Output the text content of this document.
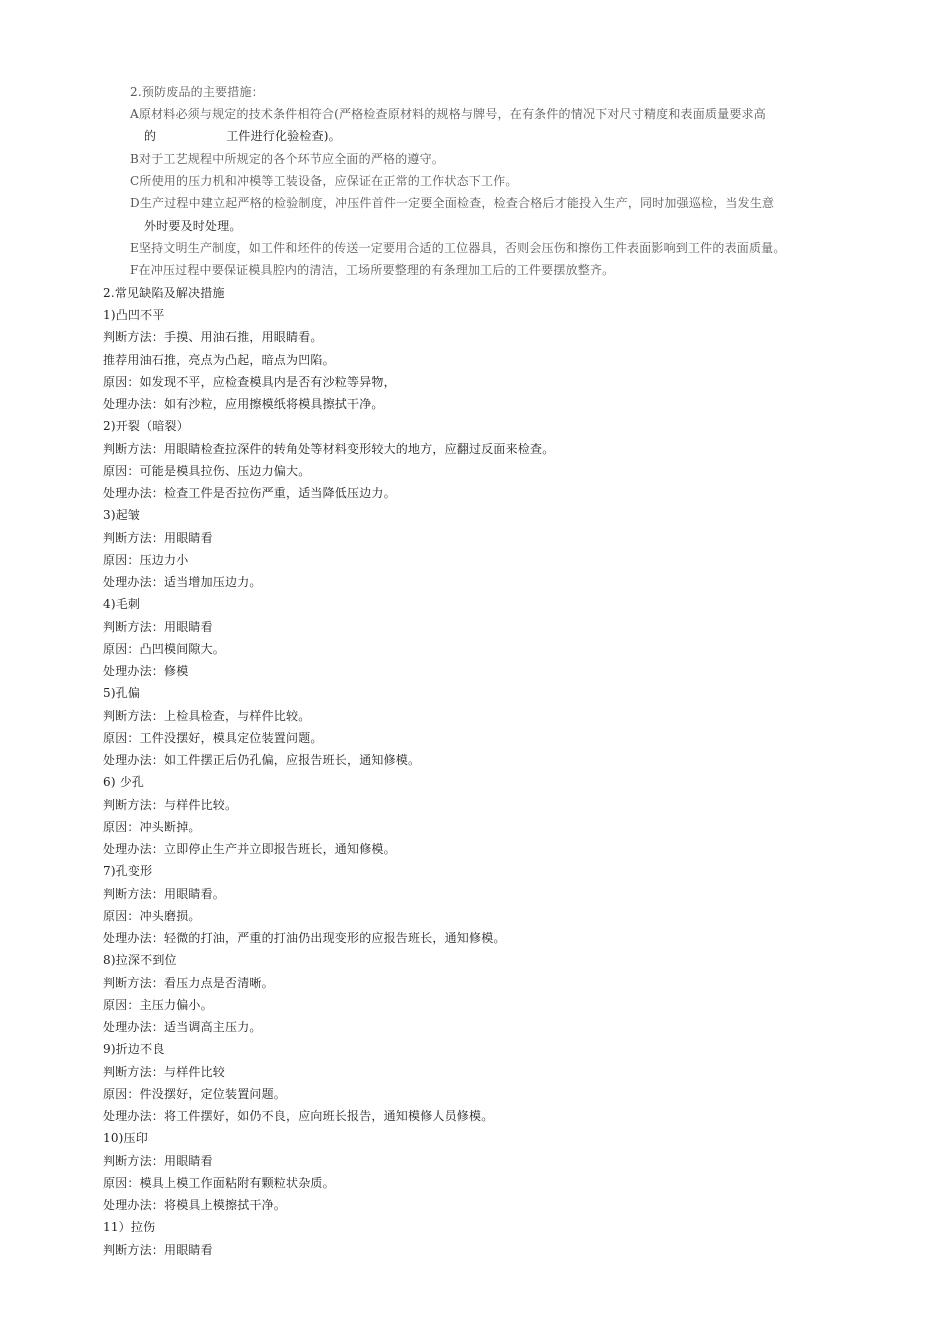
2.预防废品的主要措施：
A原材料必须与规定的技术条件相符合(严格检查原材料的规格与牌号，在有条件的情况下对尺寸精度和表面质量要求高
的	工件进行化验检查)。
B对于工艺规程中所规定的各个环节应全面的严格的遵守。
C所使用的压力机和冲模等工装设备，应保证在正常的工作状态下工作。
D生产过程中建立起严格的检验制度，冲压件首件一定要全面检查，检查合格后才能投入生产，同时加强巡检，当发生意
外时要及时处理。
E坚持文明生产制度，如工件和坯件的传送一定要用合适的工位器具，否则会压伤和擦伤工件表面影响到工件的表面质量。
F在冲压过程中要保证模具腔内的清洁，工场所要整理的有条理加工后的工件要摆放整齐。
2.常见缺陷及解决措施
1)凸凹不平
判断方法：手摸、用油石推，用眼睛看。
推荐用油石推，亮点为凸起，暗点为凹陷。
原因：如发现不平，应检查模具内是否有沙粒等异物，
处理办法：如有沙粒，应用擦模纸将模具擦拭干净。
2)开裂（暗裂）
判断方法：用眼睛检查拉深件的转角处等材料变形较大的地方，应翻过反面来检查。
原因：可能是模具拉伤、压边力偏大。
处理办法：检查工件是否拉伤严重，适当降低压边力。
3)起皱
判断方法：用眼睛看
原因：压边力小
处理办法：适当增加压边力。
4)毛刺
判断方法：用眼睛看
原因：凸凹模间隙大。
处理办法：修模
5)孔偏
判断方法：上检具检查，与样件比较。
原因：工件没摆好，模具定位装置问题。
处理办法：如工件摆正后仍孔偏，应报告班长，通知修模。
6) 少孔
判断方法：与样件比较。
原因：冲头断掉。
处理办法：立即停止生产并立即报告班长，通知修模。
7)孔变形
判断方法：用眼睛看。
原因：冲头磨损。
处理办法：轻微的打油，严重的打油仍出现变形的应报告班长，通知修模。
8)拉深不到位
判断方法：看压力点是否清晰。
原因：主压力偏小。
处理办法：适当调高主压力。
9)折边不良
判断方法：与样件比较
原因：件没摆好，定位装置问题。
处理办法：将工件摆好，如仍不良，应向班长报告，通知模修人员修模。
10)压印
判断方法：用眼睛看
原因：模具上模工作面粘附有颗粒状杂质。
处理办法：将模具上模擦拭干净。
11）拉伤
判断方法：用眼睛看
